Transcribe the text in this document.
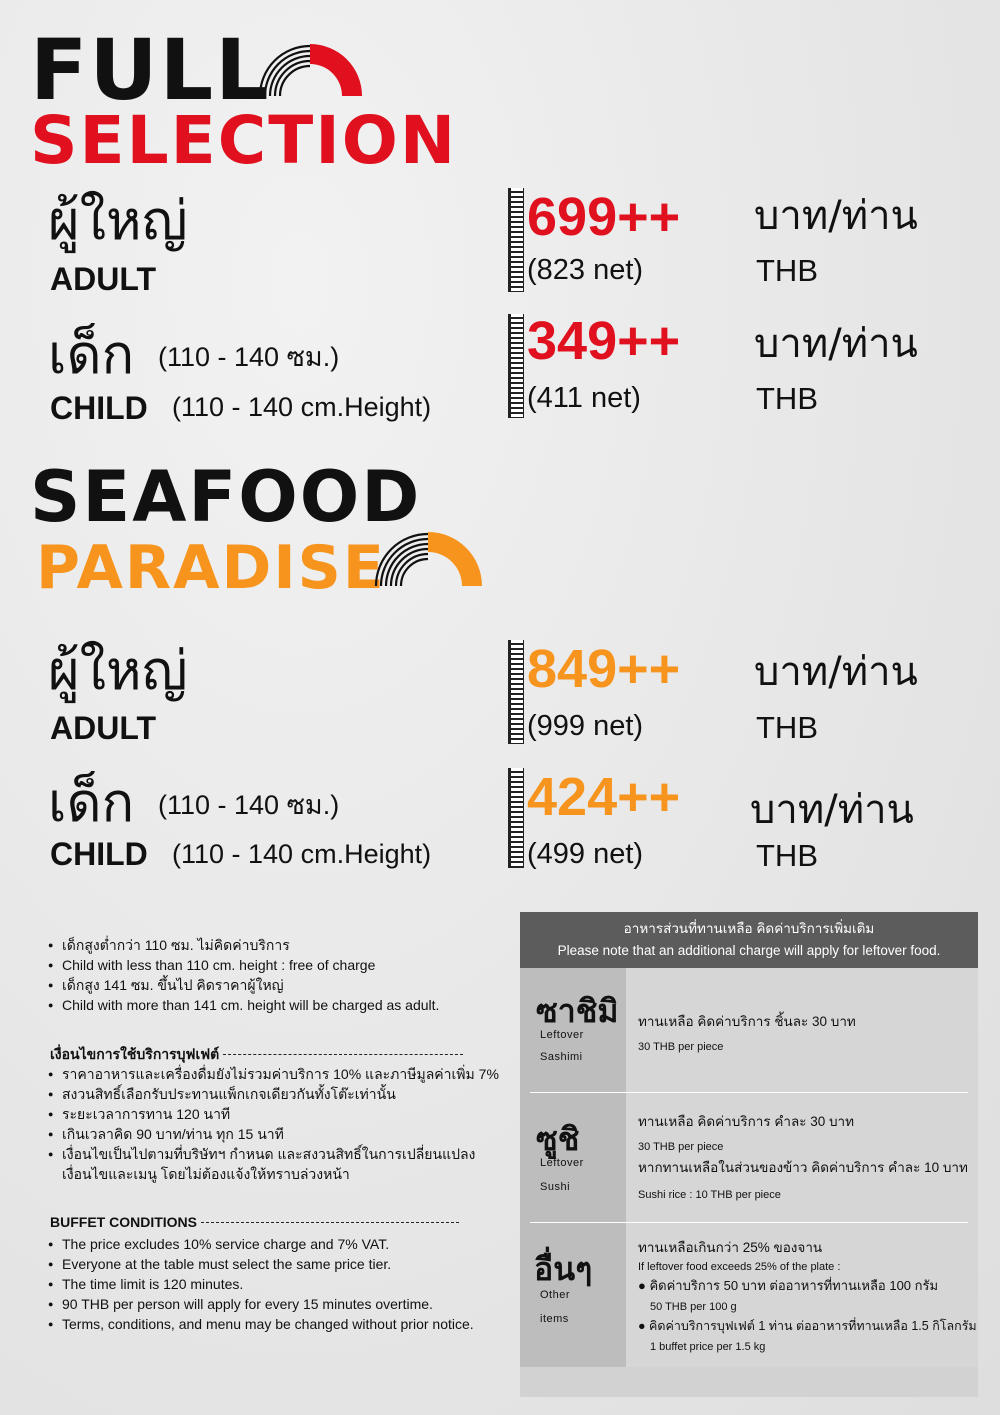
FULL
SELECTION
ผู้ใหญ่
ADULT
699++
(823 net)
บาท/ท่าน
THB
เด็ก (110 - 140 ซม.)
CHILD (110 - 140 cm.Height)
349++
(411 net)
บาท/ท่าน
THB
SEAFOOD
PARADISE
ผู้ใหญ่
ADULT
849++
(999 net)
บาท/ท่าน
THB
เด็ก (110 - 140 ซม.)
CHILD (110 - 140 cm.Height)
424++
(499 net)
บาท/ท่าน
THB
● เด็กสูงต่ำกว่า 110 ซม. ไม่คิดค่าบริการ
● Child with less than 110 cm. height : free of charge
● เด็กสูง 141 ซม. ขึ้นไป คิดราคาผู้ใหญ่
● Child with more than 141 cm. height will be charged as adult.
เงื่อนไขการใช้บริการบุฟเฟต์
● ราคาอาหารและเครื่องดื่มยังไม่รวมค่าบริการ 10% และภาษีมูลค่าเพิ่ม 7%
● สงวนสิทธิ์เลือกรับประทานแพ็กเกจเดียวกันทั้งโต๊ะเท่านั้น
● ระยะเวลาการทาน 120 นาที
● เกินเวลาคิด 90 บาท/ท่าน ทุก 15 นาที
● เงื่อนไขเป็นไปตามที่บริษัทฯ กำหนด และสงวนสิทธิ์ในการเปลี่ยนแปลง เงื่อนไขและเมนู โดยไม่ต้องแจ้งให้ทราบล่วงหน้า
BUFFET CONDITIONS
● The price excludes 10% service charge and 7% VAT.
● Everyone at the table must select the same price tier.
● The time limit is 120 minutes.
● 90 THB per person will apply for every 15 minutes overtime.
● Terms, conditions, and menu may be changed without prior notice.
อาหารส่วนที่ทานเหลือ คิดค่าบริการเพิ่มเติม
Please note that an additional charge will apply for leftover food.
ซาชิมิ
Leftover
Sashimi
ทานเหลือ คิดค่าบริการ ชิ้นละ 30 บาท
30 THB per piece
ซูชิ
Leftover
Sushi
ทานเหลือ คิดค่าบริการ คำละ 30 บาท
30 THB per piece
หากทานเหลือในส่วนของข้าว คิดค่าบริการ คำละ 10 บาท
Sushi rice : 10 THB per piece
อื่นๆ
Other
items
ทานเหลือเกินกว่า 25% ของจาน
If leftover food exceeds 25% of the plate :
● คิดค่าบริการ 50 บาท ต่ออาหารที่ทานเหลือ 100 กรัม
50 THB per 100 g
● คิดค่าบริการบุฟเฟต์ 1 ท่าน ต่ออาหารที่ทานเหลือ 1.5 กิโลกรัม
1 buffet price per 1.5 kg
